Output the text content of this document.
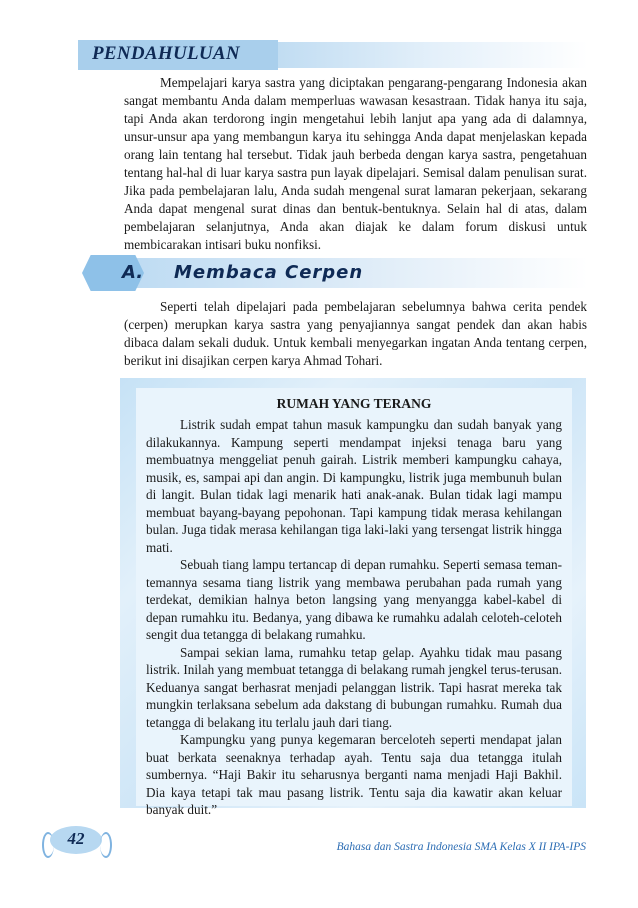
PENDAHULUAN

Mempelajari karya sastra yang diciptakan pengarang-pengarang Indonesia akan sangat membantu Anda dalam memperluas wawasan kesastraan. Tidak hanya itu saja, tapi Anda akan terdorong ingin mengetahui lebih lanjut apa yang ada di dalamnya, unsur-unsur apa yang membangun karya itu sehingga Anda dapat menjelaskan kepada orang lain tentang hal tersebut. Tidak jauh berbeda dengan karya sastra, pengetahuan tentang hal-hal di luar karya sastra pun layak dipelajari. Semisal dalam penulisan surat. Jika pada pembelajaran lalu, Anda sudah mengenal surat lamaran pekerjaan, sekarang Anda dapat mengenal surat dinas dan bentuk-bentuknya. Selain hal di atas, dalam pembelajaran selanjutnya, Anda akan diajak ke dalam forum diskusi untuk membicarakan intisari buku nonfiksi.

A. Membaca Cerpen

Seperti telah dipelajari pada pembelajaran sebelumnya bahwa cerita pendek (cerpen) merupkan karya sastra yang penyajiannya sangat pendek dan akan habis dibaca dalam sekali duduk. Untuk kembali menyegarkan ingatan Anda tentang cerpen, berikut ini disajikan cerpen karya Ahmad Tohari.

RUMAH YANG TERANG

Listrik sudah empat tahun masuk kampungku dan sudah banyak yang dilakukannya. Kampung seperti mendampat injeksi tenaga baru yang membuatnya menggeliat penuh gairah. Listrik memberi kampungku cahaya, musik, es, sampai api dan angin. Di kampungku, listrik juga membunuh bulan di langit. Bulan tidak lagi menarik hati anak-anak. Bulan tidak lagi mampu membuat bayang-bayang pepohonan. Tapi kampung tidak merasa kehilangan bulan. Juga tidak merasa kehilangan tiga laki-laki yang tersengat listrik hingga mati.

Sebuah tiang lampu tertancap di depan rumahku. Seperti semasa teman-temannya sesama tiang listrik yang membawa perubahan pada rumah yang terdekat, demikian halnya beton langsing yang menyangga kabel-kabel di depan rumahku itu. Bedanya, yang dibawa ke rumahku adalah celoteh-celoteh sengit dua tetangga di belakang rumahku.

Sampai sekian lama, rumahku tetap gelap. Ayahku tidak mau pasang listrik. Inilah yang membuat tetangga di belakang rumah jengkel terus-terusan. Keduanya sangat berhasrat menjadi pelanggan listrik. Tapi hasrat mereka tak mungkin terlaksana sebelum ada dakstang di bubungan rumahku. Rumah dua tetangga di belakang itu terlalu jauh dari tiang.

Kampungku yang punya kegemaran berceloteh seperti mendapat jalan buat berkata seenaknya terhadap ayah. Tentu saja dua tetangga itulah sumbernya. “Haji Bakir itu seharusnya berganti nama menjadi Haji Bakhil. Dia kaya tetapi tak mau pasang listrik. Tentu saja dia kawatir akan keluar banyak duit.”

42	Bahasa dan Sastra Indonesia SMA Kelas X II IPA-IPS
